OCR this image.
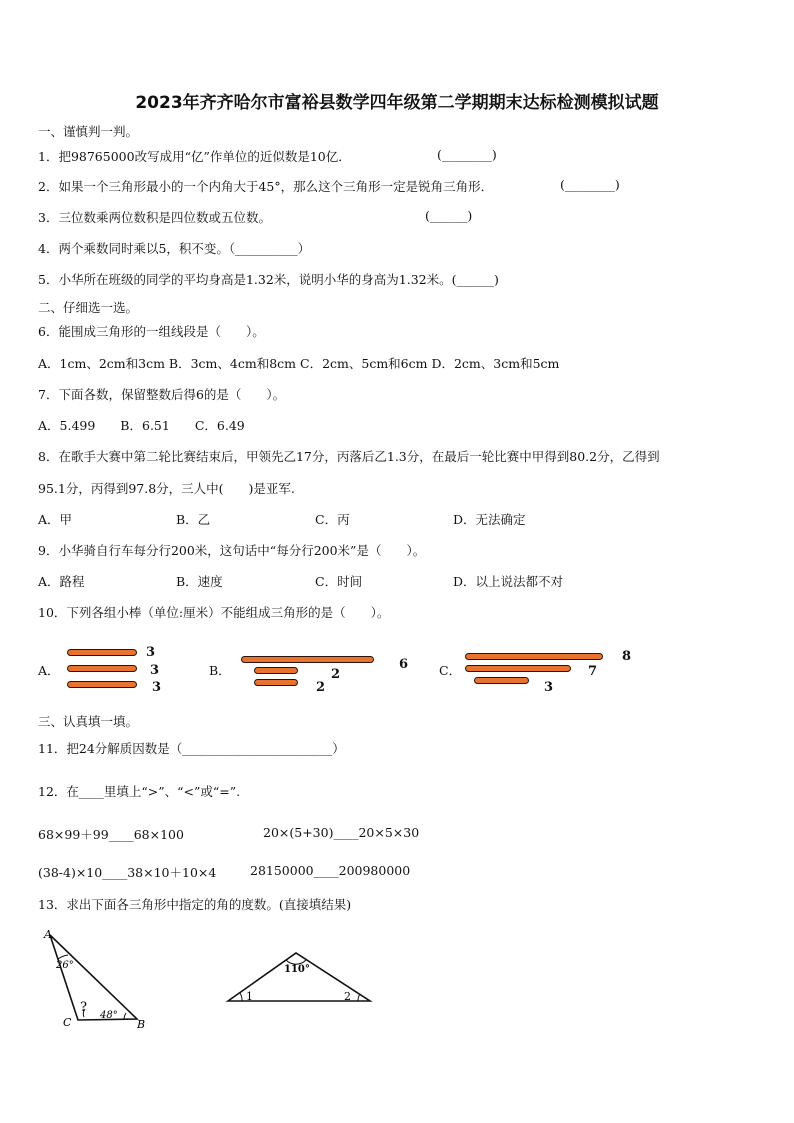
2023年齐齐哈尔市富裕县数学四年级第二学期期末达标检测模拟试题
一、谨慎判一判。
1．把98765000改写成用“亿”作单位的近似数是10亿．	(________)
2．如果一个三角形最小的一个内角大于45°，那么这个三角形一定是锐角三角形．	(________)
3．三位数乘两位数积是四位数或五位数。	(______)
4．两个乘数同时乘以5，积不变。（__________）
5．小华所在班级的同学的平均身高是1.32米，说明小华的身高为1.32米。(______)
二、仔细选一选。
6．能围成三角形的一组线段是（　　）。
A．1cm、2cm和3cm B．3cm、4cm和8cm C．2cm、5cm和6cm D．2cm、3cm和5cm
7．下面各数，保留整数后得6的是（　　）。
A．5.499　　B．6.51　　C．6.49
8．在歌手大赛中第二轮比赛结束后，甲领先乙17分，丙落后乙1.3分，在最后一轮比赛中甲得到80.2分，乙得到
95.1分，丙得到97.8分，三人中(　　)是亚军.
A．甲	B．乙	C．丙	D．无法确定
9．小华骑自行车每分行200米，这句话中“每分行200米”是（　　）。
A．路程	B．速度	C．时间	D．以上说法都不对
10．下列各组小棒（单位:厘米）不能组成三角形的是（　　）。
A．
3
3
3
B．	6
2
2
C．
8
7
3
三、认真填一填。
11．把24分解质因数是（________________________）
12．在____里填上“>”、“<”或“=”.
68×99＋99____68×100	20×(5+30)____20×5×30
(38-4)×10____38×10＋10×4	28150000____200980000
13．求出下面各三角形中指定的角的度数。(直接填结果)
A
26°
?
C
48°
B
110°
1	2
